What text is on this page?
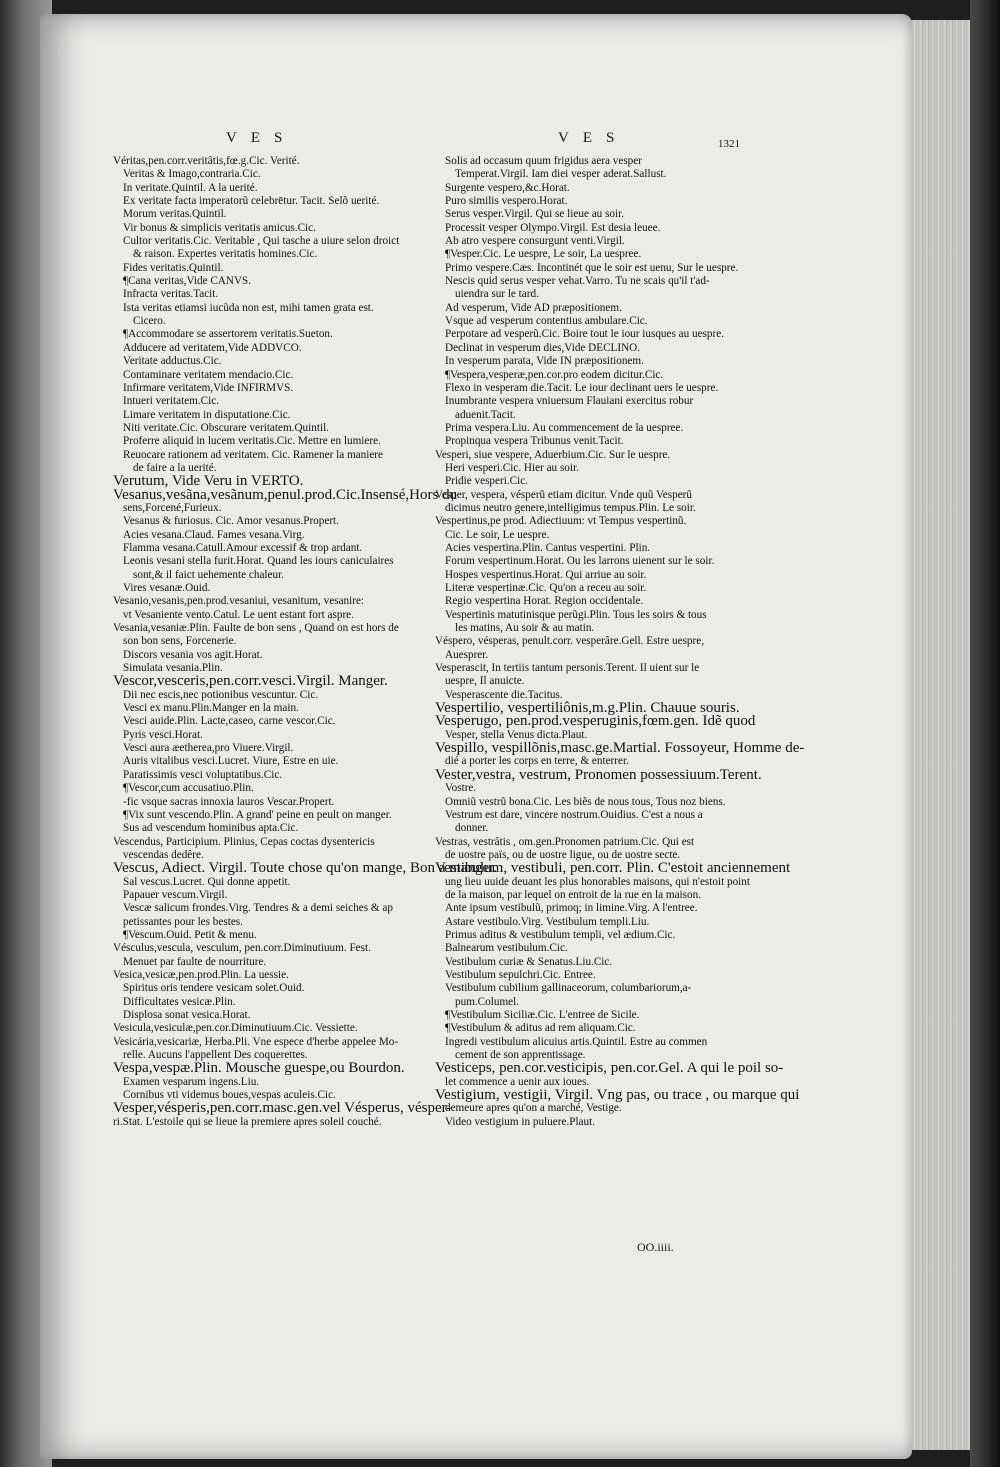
VES	VES	1321
Véritas,pen.corr.veritâtis,fœ.g.Cic. Verité.
Veritas & Imago,contraria.Cic.
In veritate.Quintil. A la uerité.
Ex veritate facta imperatorũ celebrētur. Tacit. Selõ uerité.
Morum veritas.Quintil.
Vir bonus & simplicis veritatis amicus.Cic.
Cultor veritatis.Cic. Veritable , Qui tasche a uiure selon droict
& raison. Expertes veritatis homines.Cic.
Fides veritatis.Quintil.
¶Cana veritas,Vide CANVS.
Infracta veritas.Tacit.
Ista veritas etiamsi iucũda non est, mihi tamen grata est.
Cicero.
¶Accommodare se assertorem veritatis.Sueton.
Adducere ad veritatem,Vide ADDVCO.
Veritate adductus.Cic.
Contaminare veritatem mendacio.Cic.
Infirmare veritatem,Vide INFIRMVS.
Intueri veritatem.Cic.
Limare veritatem in disputatione.Cic.
Niti veritate.Cic. Obscurare veritatem.Quintil.
Proferre aliquid in lucem veritatis.Cic. Mettre en lumiere.
Reuocare rationem ad veritatem. Cic. Ramener la maniere
de faire a la uerité.
Verutum, Vide Veru in VERTO.
Vesanus,vesãna,vesãnum,penul.prod.Cic.Insensé,Hors du
sens,Forcené,Furieux.
Vesanus & furiosus. Cic. Amor vesanus.Propert.
Acies vesana.Claud. Fames vesana.Virg.
Flamma vesana.Catull.Amour excessif & trop ardant.
Leonis vesani stella furit.Horat. Quand les iours caniculaires
sont,& il faict uehemente chaleur.
Vires vesanæ.Ouid.
Vesanio,vesanis,pen.prod.vesaniui, vesanitum, vesanire:
vt Vesaniente vento.Catul. Le uent estant fort aspre.
Vesania,vesaniæ.Plin. Faulte de bon sens , Quand on est hors de
son bon sens, Forcenerie.
Discors vesania vos agit.Horat.
Simulata vesania.Plin.
Vescor,vesceris,pen.corr.vesci.Virgil. Manger.
Dii nec escis,nec potionibus vescuntur. Cic.
Vesci ex manu.Plin.Manger en la main.
Vesci auide.Plin. Lacte,caseo, carne vescor.Cic.
Pyris vesci.Horat.
Vesci aura æetherea,pro Viuere.Virgil.
Auris vitalibus vesci.Lucret. Viure, Estre en uie.
Paratissimis vesci voluptatibus.Cic.
¶Vescor,cum accusatiuo.Plin.
-fic vsque sacras innoxia lauros Vescar.Propert.
¶Vix sunt vescendo.Plin. A grand' peine en peult on manger.
Sus ad vescendum hominibus apta.Cic.
Vescendus, Participium. Plinius, Cepas coctas dysentericis
vescendas dedêre.
Vescus, Adiect. Virgil. Toute chose qu'on mange, Bon a manger.
Sal vescus.Lucret. Qui donne appetit.
Papauer vescum.Virgil.
Vescæ salicum frondes.Virg. Tendres & a demi seiches & ap
petissantes pour les bestes.
¶Vescum.Ouid. Petit & menu.
Vésculus,vescula, vesculum, pen.corr.Diminutiuum. Fest.
Menuet par faulte de nourriture.
Vesica,vesicæ,pen.prod.Plin. La uessie.
Spiritus oris tendere vesicam solet.Ouid.
Difficultates vesicæ.Plin.
Displosa sonat vesica.Horat.
Vesicula,vesiculæ,pen.cor.Diminutiuum.Cic. Vessiette.
Vesicária,vesicariæ, Herba.Pli. Vne espece d'herbe appelee Mo-
relle. Aucuns l'appellent Des coquerettes.
Vespa,vespæ.Plin. Mousche guespe,ou Bourdon.
Examen vesparum ingens.Liu.
Cornibus vti videmus boues,vespas aculeis.Cic.
Vesper,vésperis,pen.corr.masc.gen.vel Vésperus, vésper-
ri.Stat. L'estoile qui se lieue la premiere apres soleil couché.
Solis ad occasum quum frigidus aera vesper
Temperat.Virgil. Iam diei vesper aderat.Sallust.
Surgente vespero,&c.Horat.
Puro similis vespero.Horat.
Serus vesper.Virgil. Qui se lieue au soir.
Processit vesper Olympo.Virgil. Est desia leuee.
Ab atro vespere consurgunt venti.Virgil.
¶Vesper.Cic. Le uespre, Le soir, La uespree.
Primo vespere.Cæs. Incontinét que le soir est uenu, Sur le uespre.
Nescis quid serus vesper vehat.Varro. Tu ne scais qu'il t'ad-
uiendra sur le tard.
Ad vesperum, Vide AD præpositionem.
Vsque ad vesperum contentius ambulare.Cic.
Perpotare ad vesperũ.Cic. Boire tout le iour iusques au uespre.
Declinat in vesperum dies,Vide DECLINO.
In vesperum parata, Vide IN præpositionem.
¶Vespera,vesperæ,pen.cor.pro eodem dicitur.Cic.
Flexo in vesperam die.Tacit. Le iour declinant uers le uespre.
Inumbrante vespera vniuersum Flauiani exercitus robur
aduenit.Tacit.
Prima vespera.Liu. Au commencement de la uespree.
Propinqua vespera Tribunus venit.Tacit.
Vesperi, siue vespere, Aduerbium.Cic. Sur le uespre.
Heri vesperi.Cic. Hier au soir.
Pridie vesperi.Cic.
Vesper, vespera, vésperũ etiam dicitur. Vnde quũ Vesperũ
dicimus neutro genere,intelligimus tempus.Plin. Le soir.
Vespertinus,pe prod. Adiectiuum: vt Tempus vespertinũ.
Cic. Le soir, Le uespre.
Acies vespertina.Plin. Cantus vespertini. Plin.
Forum vespertinum.Horat. Ou les larrons uienent sur le soir.
Hospes vespertinus.Horat. Qui arriue au soir.
Literæ vespertinæ.Cic. Qu'on a receu au soir.
Regio vespertina Horat. Region occidentale.
Vespertinis matutinisque perũgi.Plin. Tous les soirs & tous
les matins, Au soir & au matin.
Véspero, vésperas, penult.corr. vesperâre.Gell. Estre uespre,
Auesprer.
Vesperascit, In tertiis tantum personis.Terent. Il uient sur le
uespre, Il anuicte.
Vesperascente die.Tacitus.
Vespertilio, vespertiliônis,m.g.Plin. Chauue souris.
Vesperugo, pen.prod.vesperuginis,fœm.gen. Idẽ quod
Vesper, stella Venus dicta.Plaut.
Vespillo, vespillõnis,masc.ge.Martial. Fossoyeur, Homme de-
dié a porter les corps en terre, & enterrer.
Vester,vestra, vestrum, Pronomen possessiuum.Terent.
Vostre.
Omniũ vestrũ bona.Cic. Les biẽs de nous tous, Tous noz biens.
Vestrum est dare, vincere nostrum.Ouidius. C'est a nous a
donner.
Vestras, vestrâtis , om.gen.Pronomen patrium.Cic. Qui est
de uostre païs, ou de uostre ligue, ou de uostre secte.
Vestibulum, vestibuli, pen.corr. Plin. C'estoit anciennement
ung lieu uuide deuant les plus honorables maisons, qui n'estoit point
de la maison, par lequel on entroit de la rue en la maison.
Ante ipsum vestibulũ, primoq; in limine.Virg. A l'entree.
Astare vestibulo.Virg. Vestibulum templi.Liu.
Primus aditus & vestibulum templi, vel ædium.Cic.
Balnearum vestibulum.Cic.
Vestibulum curiæ & Senatus.Liu.Cic.
Vestibulum sepulchri.Cic. Entree.
Vestibulum cubilium gallinaceorum, columbariorum,a-
pum.Columel.
¶Vestibulum Siciliæ.Cic. L'entree de Sicile.
¶Vestibulum & aditus ad rem aliquam.Cic.
Ingredi vestibulum alicuius artis.Quintil. Estre au commen
cement de son apprentissage.
Vesticeps, pen.cor.vesticipis, pen.cor.Gel. A qui le poil so-
let commence a uenir aux ioues.
Vestigium, vestigii, Virgil. Vng pas, ou trace , ou marque qui
demeure apres qu'on a marché, Vestige.
Video vestigium in puluere.Plaut.
OO.iiii.
